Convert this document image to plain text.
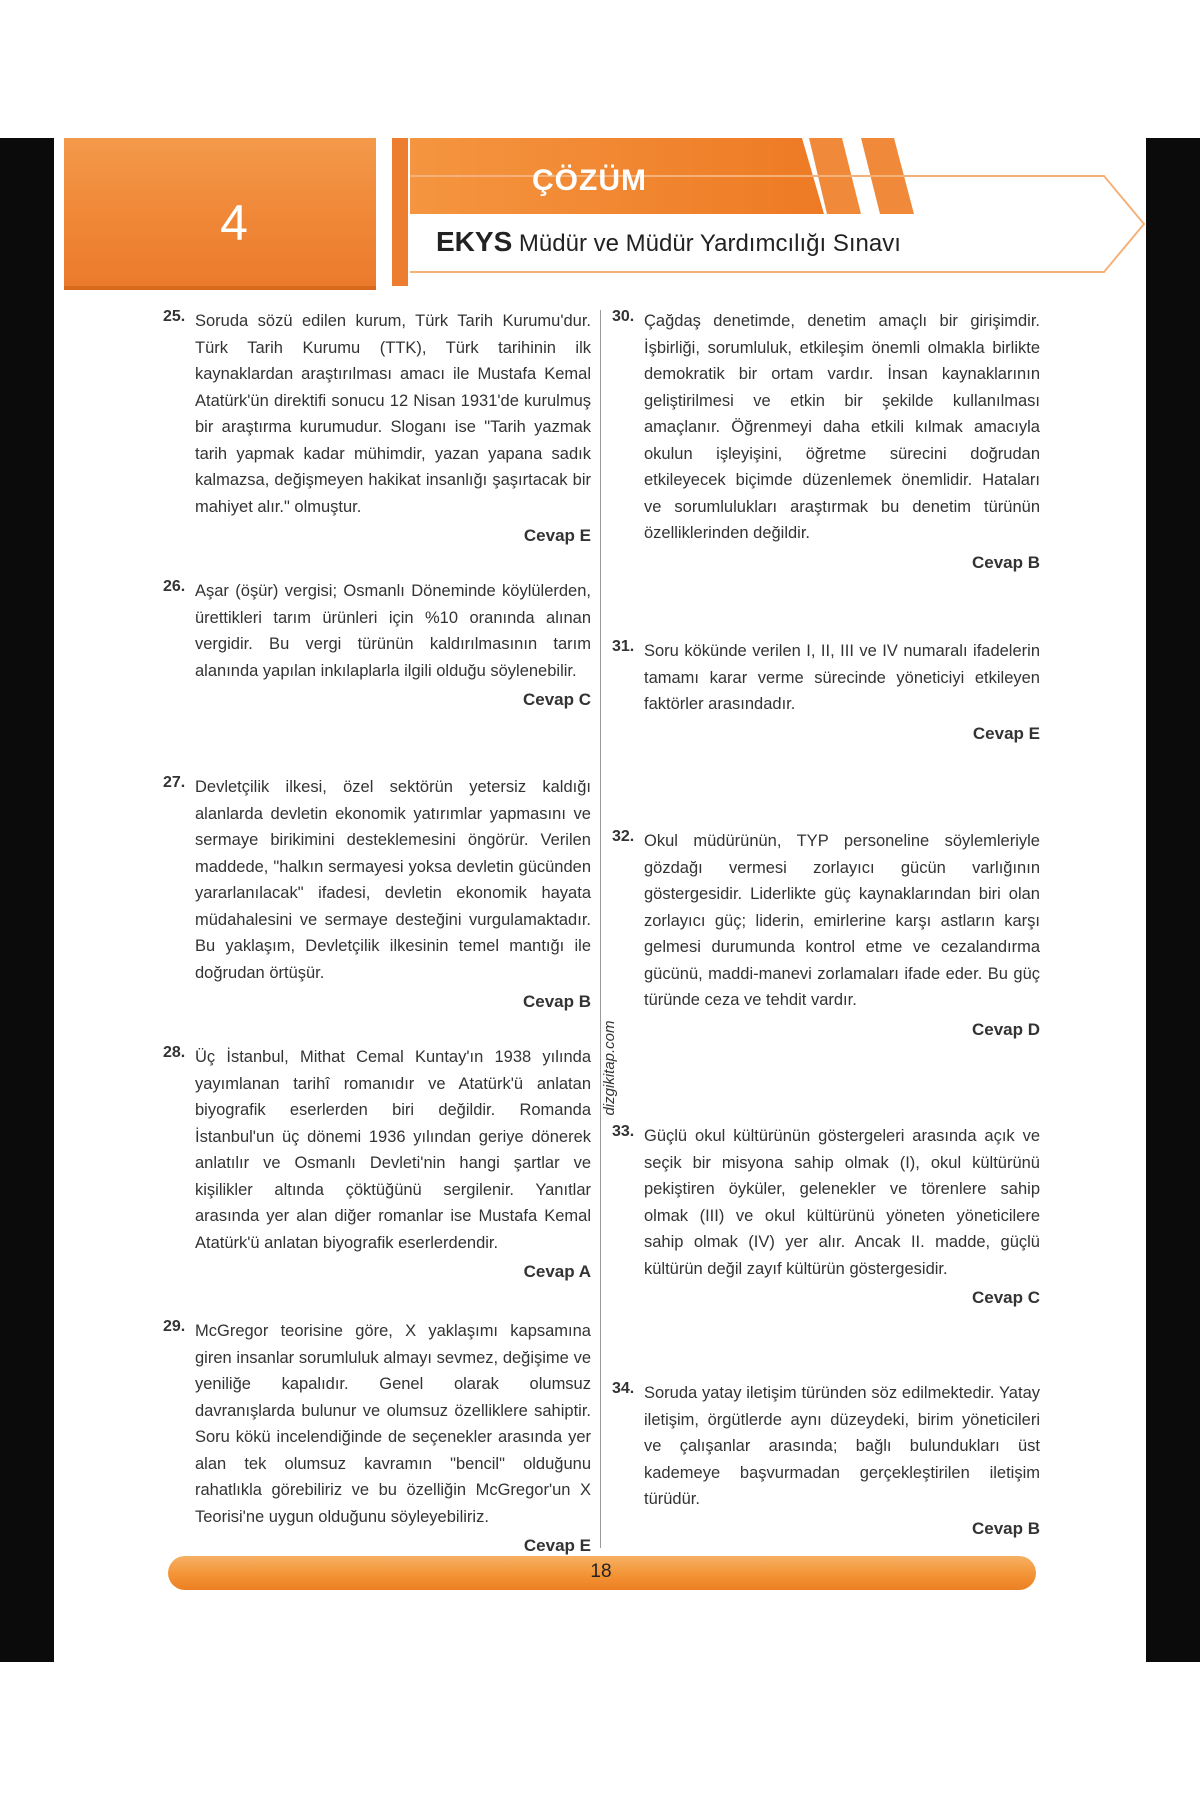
4
ÇÖZÜM
EKYS Müdür ve Müdür Yardımcılığı Sınavı
dizgikitap.com
25. Soruda sözü edilen kurum, Türk Tarih Kurumu'dur. Türk Tarih Kurumu (TTK), Türk tarihinin ilk kaynaklardan araştırılması amacı ile Mustafa Kemal Atatürk'ün direktifi sonucu 12 Nisan 1931'de kurulmuş bir araştırma kurumudur. Sloganı ise "Tarih yazmak tarih yapmak kadar mühimdir, yazan yapana sadık kalmazsa, değişmeyen hakikat insanlığı şaşırtacak bir mahiyet alır." olmuştur.
Cevap E
26. Aşar (öşür) vergisi; Osmanlı Döneminde köylülerden, ürettikleri tarım ürünleri için %10 oranında alınan vergidir. Bu vergi türünün kaldırılmasının tarım alanında yapılan inkılaplarla ilgili olduğu söylenebilir.
Cevap C
27. Devletçilik ilkesi, özel sektörün yetersiz kaldığı alanlarda devletin ekonomik yatırımlar yapmasını ve sermaye birikimini desteklemesini öngörür. Verilen maddede, "halkın sermayesi yoksa devletin gücünden yararlanılacak" ifadesi, devletin ekonomik hayata müdahalesini ve sermaye desteğini vurgulamaktadır. Bu yaklaşım, Devletçilik ilkesinin temel mantığı ile doğrudan örtüşür.
Cevap B
28. Üç İstanbul, Mithat Cemal Kuntay'ın 1938 yılında yayımlanan tarihî romanıdır ve Atatürk'ü anlatan biyografik eserlerden biri değildir. Romanda İstanbul'un üç dönemi 1936 yılından geriye dönerek anlatılır ve Osmanlı Devleti'nin hangi şartlar ve kişilikler altında çöktüğünü sergilenir. Yanıtlar arasında yer alan diğer romanlar ise Mustafa Kemal Atatürk'ü anlatan biyografik eserlerdendir.
Cevap A
29. McGregor teorisine göre, X yaklaşımı kapsamına giren insanlar sorumluluk almayı sevmez, değişime ve yeniliğe kapalıdır. Genel olarak olumsuz davranışlarda bulunur ve olumsuz özelliklere sahiptir. Soru kökü incelendiğinde de seçenekler arasında yer alan tek olumsuz kavramın "bencil" olduğunu rahatlıkla görebiliriz ve bu özelliğin McGregor'un X Teorisi'ne uygun olduğunu söyleyebiliriz.
Cevap E
30. Çağdaş denetimde, denetim amaçlı bir girişimdir. İşbirliği, sorumluluk, etkileşim önemli olmakla birlikte demokratik bir ortam vardır. İnsan kaynaklarının geliştirilmesi ve etkin bir şekilde kullanılması amaçlanır. Öğrenmeyi daha etkili kılmak amacıyla okulun işleyişini, öğretme sürecini doğrudan etkileyecek biçimde düzenlemek önemlidir. Hataları ve sorumlulukları araştırmak bu denetim türünün özelliklerinden değildir.
Cevap B
31. Soru kökünde verilen I, II, III ve IV numaralı ifadelerin tamamı karar verme sürecinde yöneticiyi etkileyen faktörler arasındadır.
Cevap E
32. Okul müdürünün, TYP personeline söylemleriyle gözdağı vermesi zorlayıcı gücün varlığının göstergesidir. Liderlikte güç kaynaklarından biri olan zorlayıcı güç; liderin, emirlerine karşı astların karşı gelmesi durumunda kontrol etme ve cezalandırma gücünü, maddi-manevi zorlamaları ifade eder. Bu güç türünde ceza ve tehdit vardır.
Cevap D
33. Güçlü okul kültürünün göstergeleri arasında açık ve seçik bir misyona sahip olmak (I), okul kültürünü pekiştiren öyküler, gelenekler ve törenlere sahip olmak (III) ve okul kültürünü yöneten yöneticilere sahip olmak (IV) yer alır. Ancak II. madde, güçlü kültürün değil zayıf kültürün göstergesidir.
Cevap C
34. Soruda yatay iletişim türünden söz edilmektedir. Yatay iletişim, örgütlerde aynı düzeydeki, birim yöneticileri ve çalışanlar arasında; bağlı bulundukları üst kademeye başvurmadan gerçekleştirilen iletişim türüdür.
Cevap B
18
